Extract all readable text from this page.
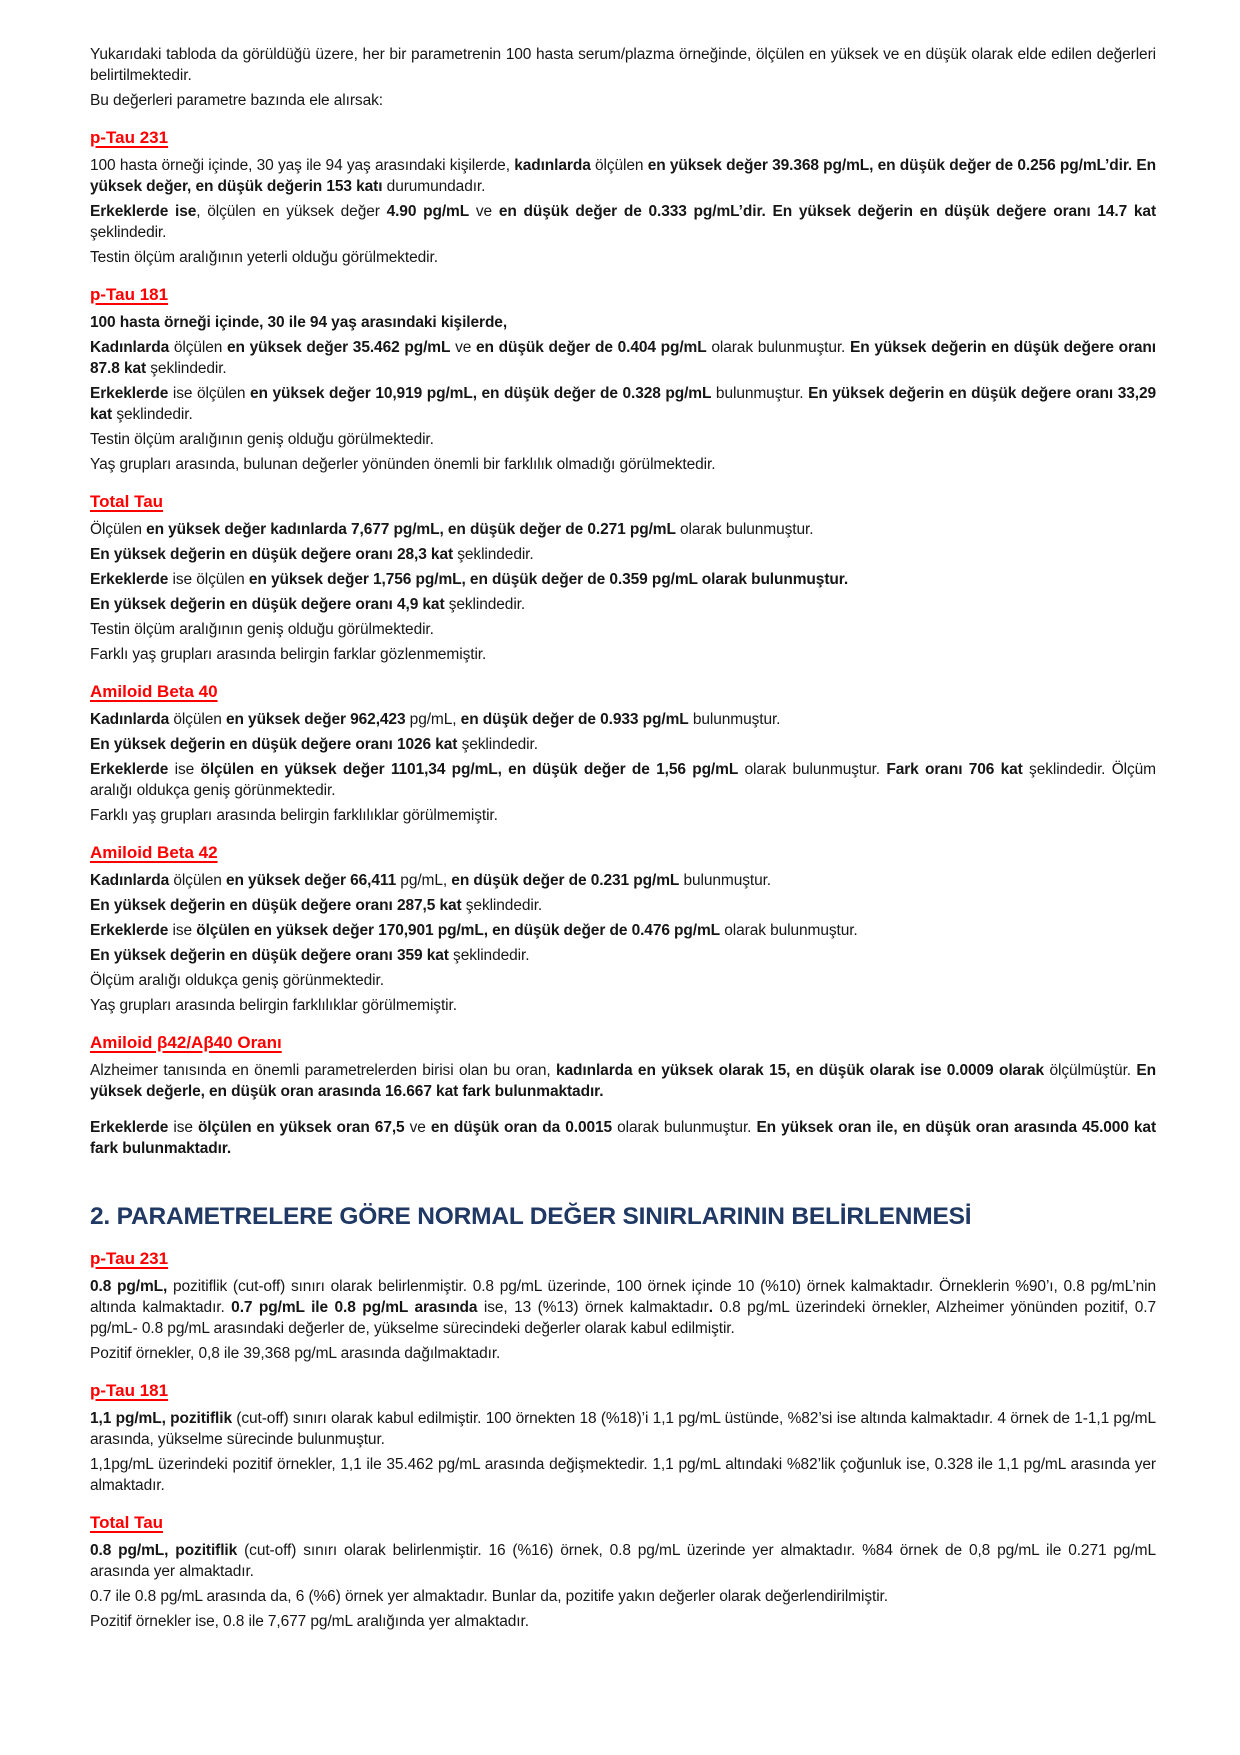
Yukarıdaki tabloda da görüldüğü üzere, her bir parametrenin 100 hasta serum/plazma örneğinde, ölçülen en yüksek ve en düşük olarak elde edilen değerleri belirtilmektedir.

Bu değerleri parametre bazında ele alırsak:

p-Tau 231

100 hasta örneği içinde, 30 yaş ile 94 yaş arasındaki kişilerde, kadınlarda ölçülen en yüksek değer 39.368 pg/mL, en düşük değer de 0.256 pg/mL’dir. En yüksek değer, en düşük değerin 153 katı durumundadır.

Erkeklerde ise, ölçülen en yüksek değer 4.90 pg/mL ve en düşük değer de 0.333 pg/mL’dir. En yüksek değerin en düşük değere oranı 14.7 kat şeklindedir.

Testin ölçüm aralığının yeterli olduğu görülmektedir.

p-Tau 181

100 hasta örneği içinde, 30 ile 94 yaş arasındaki kişilerde,

Kadınlarda ölçülen en yüksek değer 35.462 pg/mL ve en düşük değer de 0.404 pg/mL olarak bulunmuştur. En yüksek değerin en düşük değere oranı 87.8 kat şeklindedir.

Erkeklerde ise ölçülen en yüksek değer 10,919 pg/mL, en düşük değer de 0.328 pg/mL bulunmuştur. En yüksek değerin en düşük değere oranı 33,29 kat şeklindedir.

Testin ölçüm aralığının geniş olduğu görülmektedir.

Yaş grupları arasında, bulunan değerler yönünden önemli bir farklılık olmadığı görülmektedir.

Total Tau

Ölçülen en yüksek değer kadınlarda 7,677 pg/mL, en düşük değer de 0.271 pg/mL olarak bulunmuştur.

En yüksek değerin en düşük değere oranı 28,3 kat şeklindedir.

Erkeklerde ise ölçülen en yüksek değer 1,756 pg/mL, en düşük değer de 0.359 pg/mL olarak bulunmuştur.

En yüksek değerin en düşük değere oranı 4,9 kat şeklindedir.

Testin ölçüm aralığının geniş olduğu görülmektedir.

Farklı yaş grupları arasında belirgin farklar gözlenmemiştir.

Amiloid Beta 40

Kadınlarda ölçülen en yüksek değer 962,423 pg/mL, en düşük değer de 0.933 pg/mL bulunmuştur.

En yüksek değerin en düşük değere oranı 1026 kat şeklindedir.

Erkeklerde ise ölçülen en yüksek değer 1101,34 pg/mL, en düşük değer de 1,56 pg/mL olarak bulunmuştur. Fark oranı 706 kat şeklindedir. Ölçüm aralığı oldukça geniş görünmektedir.

Farklı yaş grupları arasında belirgin farklılıklar görülmemiştir.

Amiloid Beta 42

Kadınlarda ölçülen en yüksek değer 66,411 pg/mL, en düşük değer de 0.231 pg/mL bulunmuştur.

En yüksek değerin en düşük değere oranı 287,5 kat şeklindedir.

Erkeklerde ise ölçülen en yüksek değer 170,901 pg/mL, en düşük değer de 0.476 pg/mL olarak bulunmuştur.

En yüksek değerin en düşük değere oranı 359 kat şeklindedir.

Ölçüm aralığı oldukça geniş görünmektedir.

Yaş grupları arasında belirgin farklılıklar görülmemiştir.

Amiloid β42/Aβ40 Oranı

Alzheimer tanısında en önemli parametrelerden birisi olan bu oran, kadınlarda en yüksek olarak 15, en düşük olarak ise 0.0009 olarak ölçülmüştür. En yüksek değerle, en düşük oran arasında 16.667 kat fark bulunmaktadır.

Erkeklerde ise ölçülen en yüksek oran 67,5 ve en düşük oran da 0.0015 olarak bulunmuştur. En yüksek oran ile, en düşük oran arasında 45.000 kat fark bulunmaktadır.

2. PARAMETRELERE GÖRE NORMAL DEĞER SINIRLARININ BELİRLENMESİ
p-Tau 231

0.8 pg/mL, pozitiflik (cut-off) sınırı olarak belirlenmiştir. 0.8 pg/mL üzerinde, 100 örnek içinde 10 (%10) örnek kalmaktadır. Örneklerin %90’ı, 0.8 pg/mL’nin altında kalmaktadır. 0.7 pg/mL ile 0.8 pg/mL arasında ise, 13 (%13) örnek kalmaktadır. 0.8 pg/mL üzerindeki örnekler, Alzheimer yönünden pozitif, 0.7 pg/mL- 0.8 pg/mL arasındaki değerler de, yükselme sürecindeki değerler olarak kabul edilmiştir.

Pozitif örnekler, 0,8 ile 39,368 pg/mL arasında dağılmaktadır.

p-Tau 181

1,1 pg/mL, pozitiflik (cut-off) sınırı olarak kabul edilmiştir. 100 örnekten 18 (%18)’i 1,1 pg/mL üstünde, %82’si ise altında kalmaktadır. 4 örnek de 1-1,1 pg/mL arasında, yükselme sürecinde bulunmuştur.

1,1pg/mL üzerindeki pozitif örnekler, 1,1 ile 35.462 pg/mL arasında değişmektedir. 1,1 pg/mL altındaki %82’lik çoğunluk ise, 0.328 ile 1,1 pg/mL arasında yer almaktadır.

Total Tau

0.8 pg/mL, pozitiflik (cut-off) sınırı olarak belirlenmiştir. 16 (%16) örnek, 0.8 pg/mL üzerinde yer almaktadır. %84 örnek de 0,8 pg/mL ile 0.271 pg/mL arasında yer almaktadır.

0.7 ile 0.8 pg/mL arasında da, 6 (%6) örnek yer almaktadır. Bunlar da, pozitife yakın değerler olarak değerlendirilmiştir.

Pozitif örnekler ise, 0.8 ile 7,677 pg/mL aralığında yer almaktadır.
